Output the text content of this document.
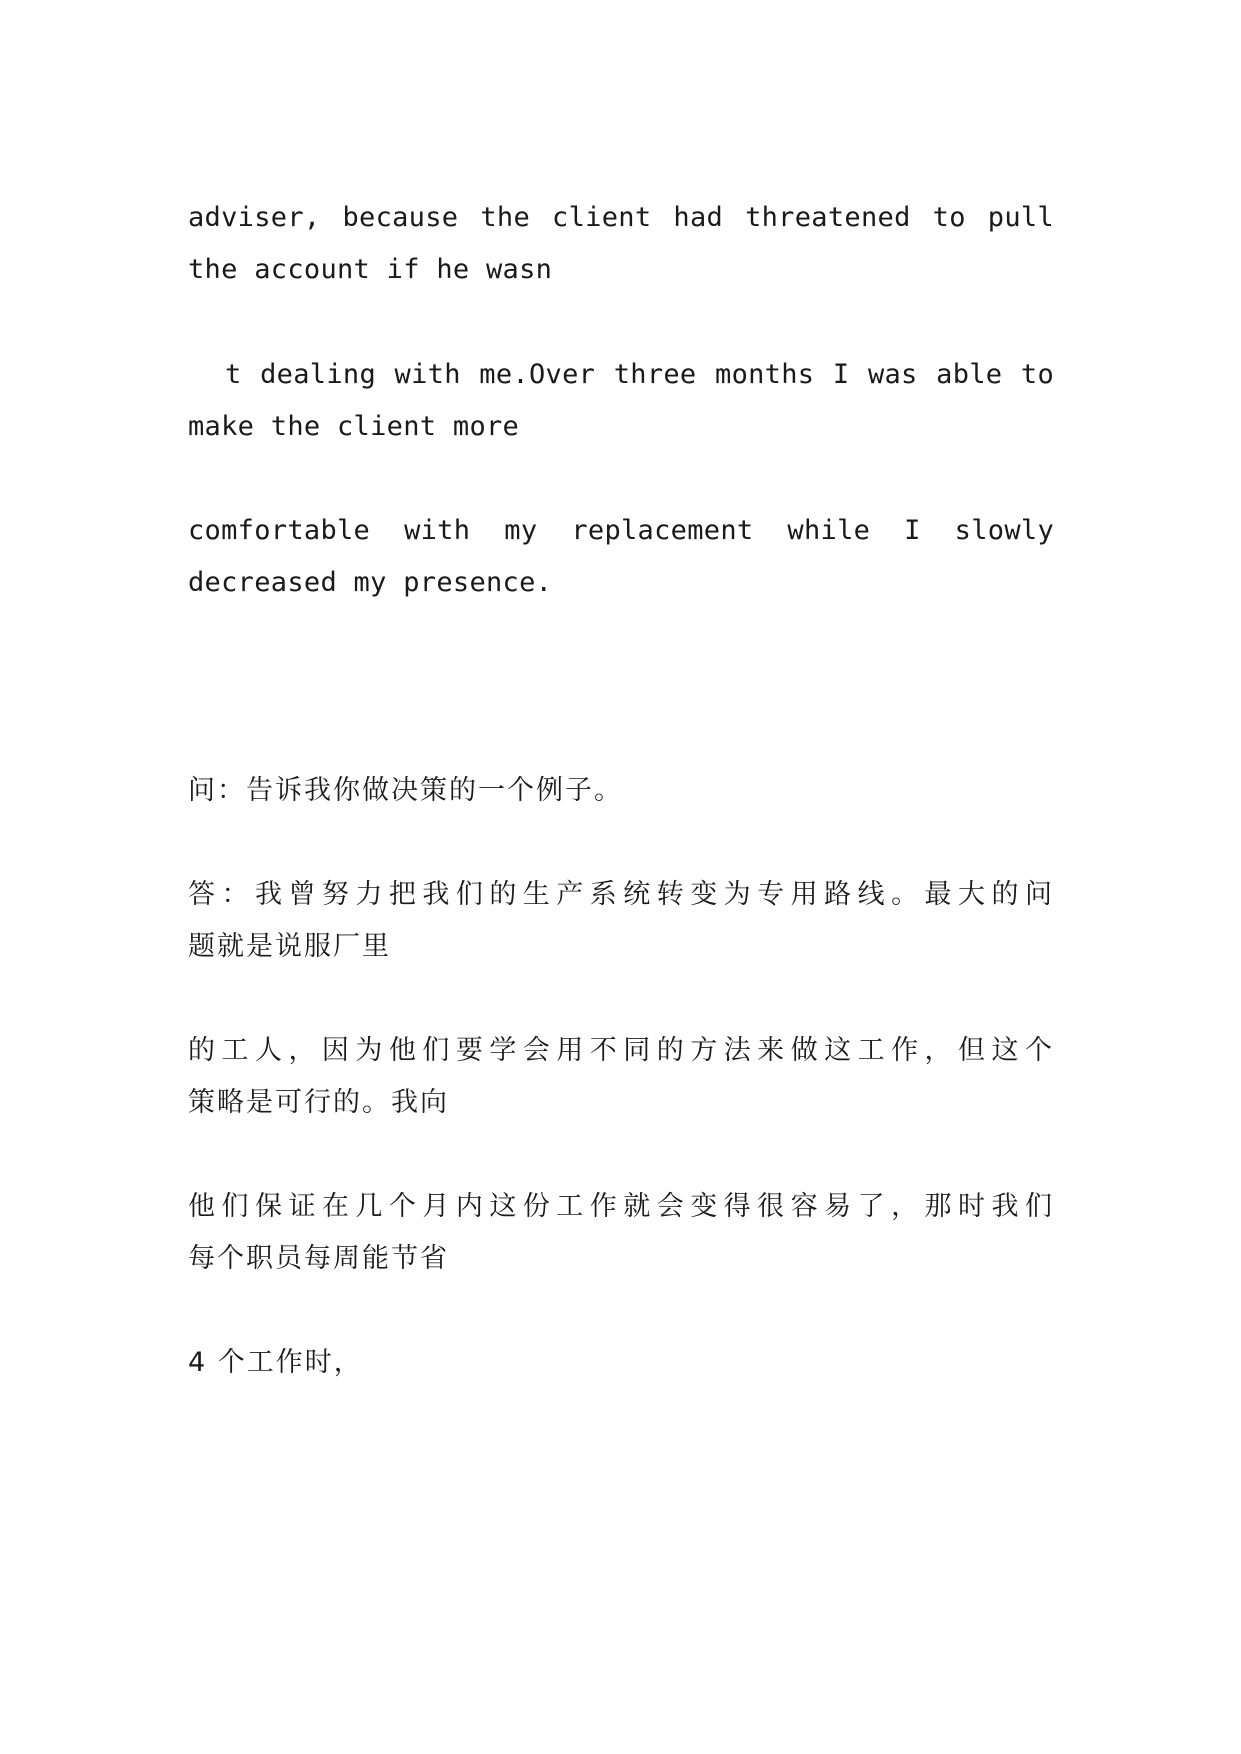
adviser, because the client had threatened to pull
the account if he wasn
t dealing with me.Over three months I was able to
make the client more
comfortable with my replacement while I slowly
decreased my presence.
问：告诉我你做决策的一个例子。
答：我曾努力把我们的生产系统转变为专用路线。最大的问
题就是说服厂里
的工人，因为他们要学会用不同的方法来做这工作，但这个
策略是可行的。我向
他们保证在几个月内这份工作就会变得很容易了，那时我们
每个职员每周能节省
4 个工作时，
